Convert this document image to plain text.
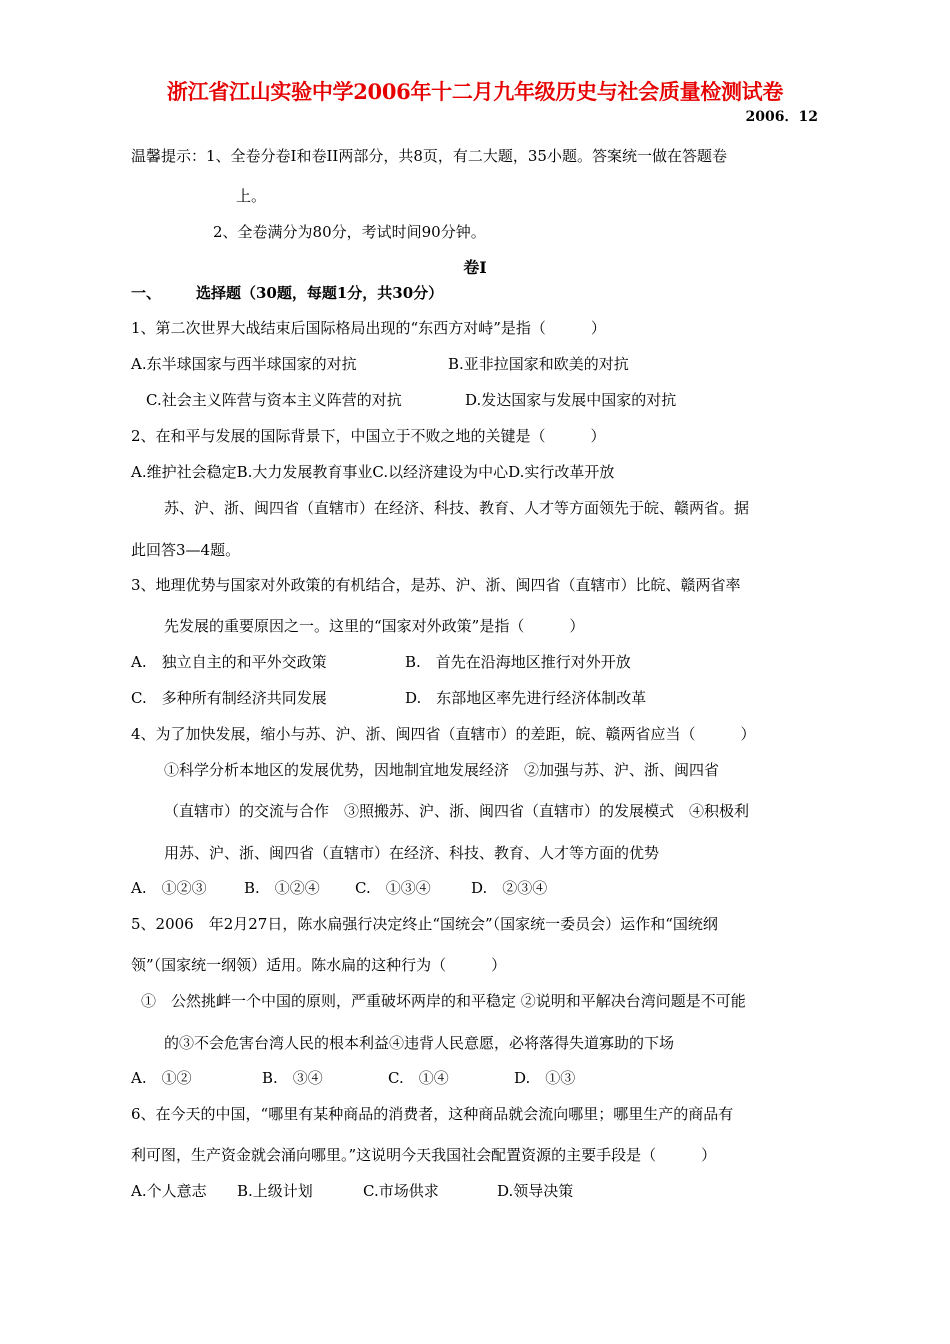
浙江省江山实验中学2006年十二月九年级历史与社会质量检测试卷
2006．12
温馨提示：1、全卷分卷Ⅰ和卷II两部分，共8页，有二大题，35小题。答案统一做在答题卷
上。
2、全卷满分为80分，考试时间90分钟。
卷Ⅰ
一、 选择题（30题，每题1分，共30分）
1、第二次世界大战结束后国际格局出现的“东西方对峙”是指（　　　）
A.东半球国家与西半球国家的对抗	B.亚非拉国家和欧美的对抗
C.社会主义阵营与资本主义阵营的对抗	D.发达国家与发展中国家的对抗
2、在和平与发展的国际背景下，中国立于不败之地的关键是（　　　）
A.维护社会稳定B.大力发展教育事业C.以经济建设为中心D.实行改革开放
苏、沪、浙、闽四省（直辖市）在经济、科技、教育、人才等方面领先于皖、赣两省。据
此回答3—4题。
3、地理优势与国家对外政策的有机结合，是苏、沪、浙、闽四省（直辖市）比皖、赣两省率
先发展的重要原因之一。这里的“国家对外政策”是指（　　　）
A.　独立自主的和平外交政策	B.　首先在沿海地区推行对外开放
C.　多种所有制经济共同发展	D.　东部地区率先进行经济体制改革
4、为了加快发展，缩小与苏、沪、浙、闽四省（直辖市）的差距，皖、赣两省应当（　　　）
①科学分析本地区的发展优势，因地制宜地发展经济　②加强与苏、沪、浙、闽四省
（直辖市）的交流与合作　③照搬苏、沪、浙、闽四省（直辖市）的发展模式　④积极利
用苏、沪、浙、闽四省（直辖市）在经济、科技、教育、人才等方面的优势
A.　①②③ B.　①②④ C.　①③④	D.　②③④
5、2006　年2月27日，陈水扁强行决定终止“国统会”（国家统一委员会）运作和“国统纲
领”（国家统一纲领）适用。陈水扁的这种行为（　　　）
①　公然挑衅一个中国的原则，严重破坏两岸的和平稳定 ②说明和平解决台湾问题是不可能
的③不会危害台湾人民的根本利益④违背人民意愿，必将落得失道寡助的下场
A.　①②	B.　③④	C.　①④	D.　①③
6、在今天的中国，“哪里有某种商品的消费者，这种商品就会流向哪里；哪里生产的商品有
利可图，生产资金就会涌向哪里。”这说明今天我国社会配置资源的主要手段是（　　　）
A.个人意志 B.上级计划	C.市场供求	D.领导决策
